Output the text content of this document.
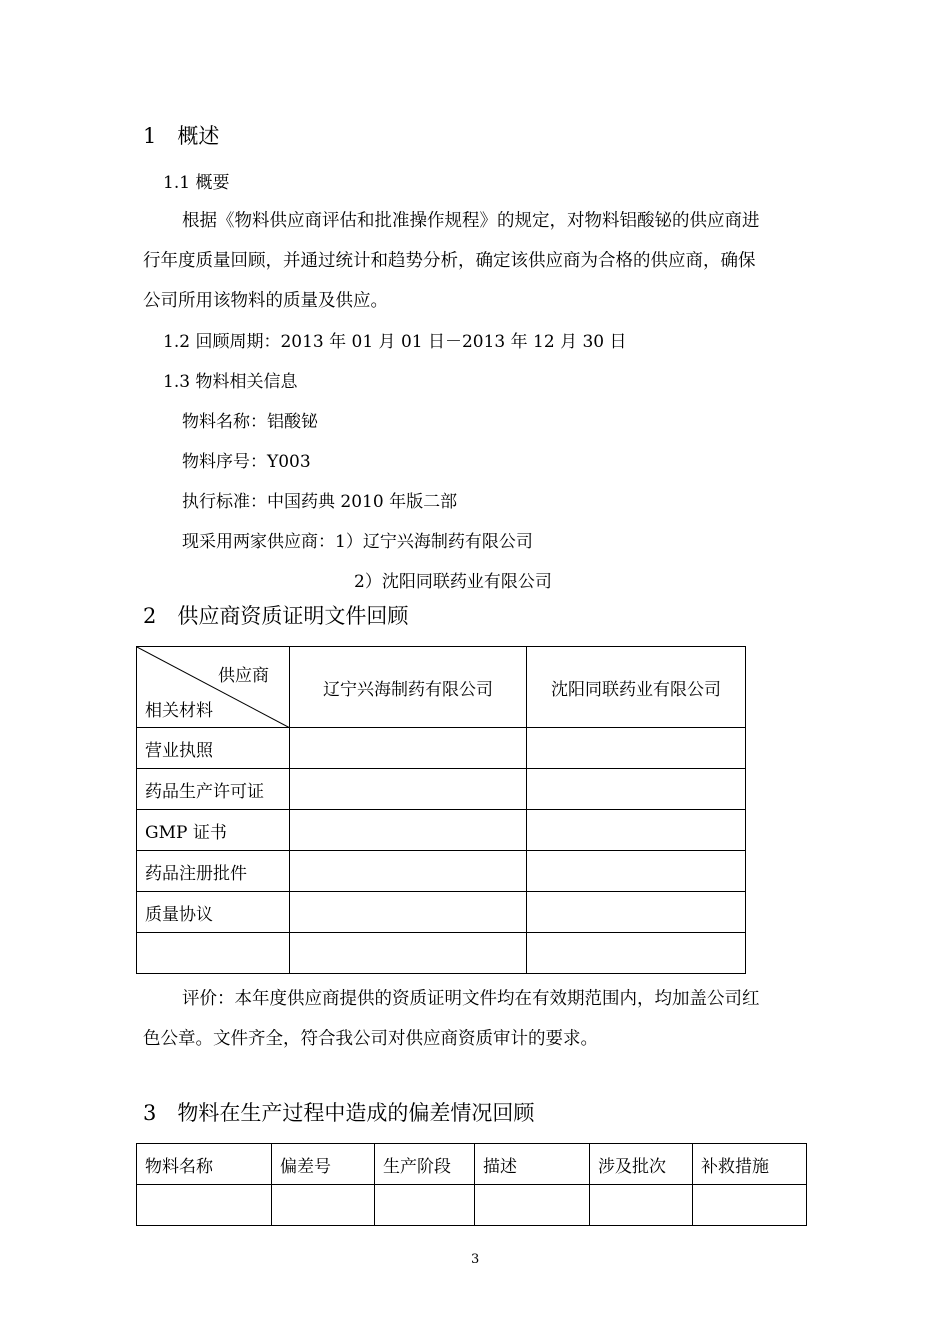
1　概述
1.1 概要
根据《物料供应商评估和批准操作规程》的规定，对物料铝酸铋的供应商进
行年度质量回顾，并通过统计和趋势分析，确定该供应商为合格的供应商，确保
公司所用该物料的质量及供应。
1.2 回顾周期：2013 年 01 月 01 日－2013 年 12 月 30 日
1.3 物料相关信息
物料名称：铝酸铋
物料序号：Y003
执行标准：中国药典 2010 年版二部
现采用两家供应商：1）辽宁兴海制药有限公司
2）沈阳同联药业有限公司
2　供应商资质证明文件回顾
供应商
相关材料	辽宁兴海制药有限公司	沈阳同联药业有限公司
营业执照		
药品生产许可证		
GMP 证书		
药品注册批件		
质量协议		

评价：本年度供应商提供的资质证明文件均在有效期范围内，均加盖公司红
色公章。文件齐全，符合我公司对供应商资质审计的要求。
3　物料在生产过程中造成的偏差情况回顾
物料名称	偏差号	生产阶段	描述	涉及批次	补救措施

3
